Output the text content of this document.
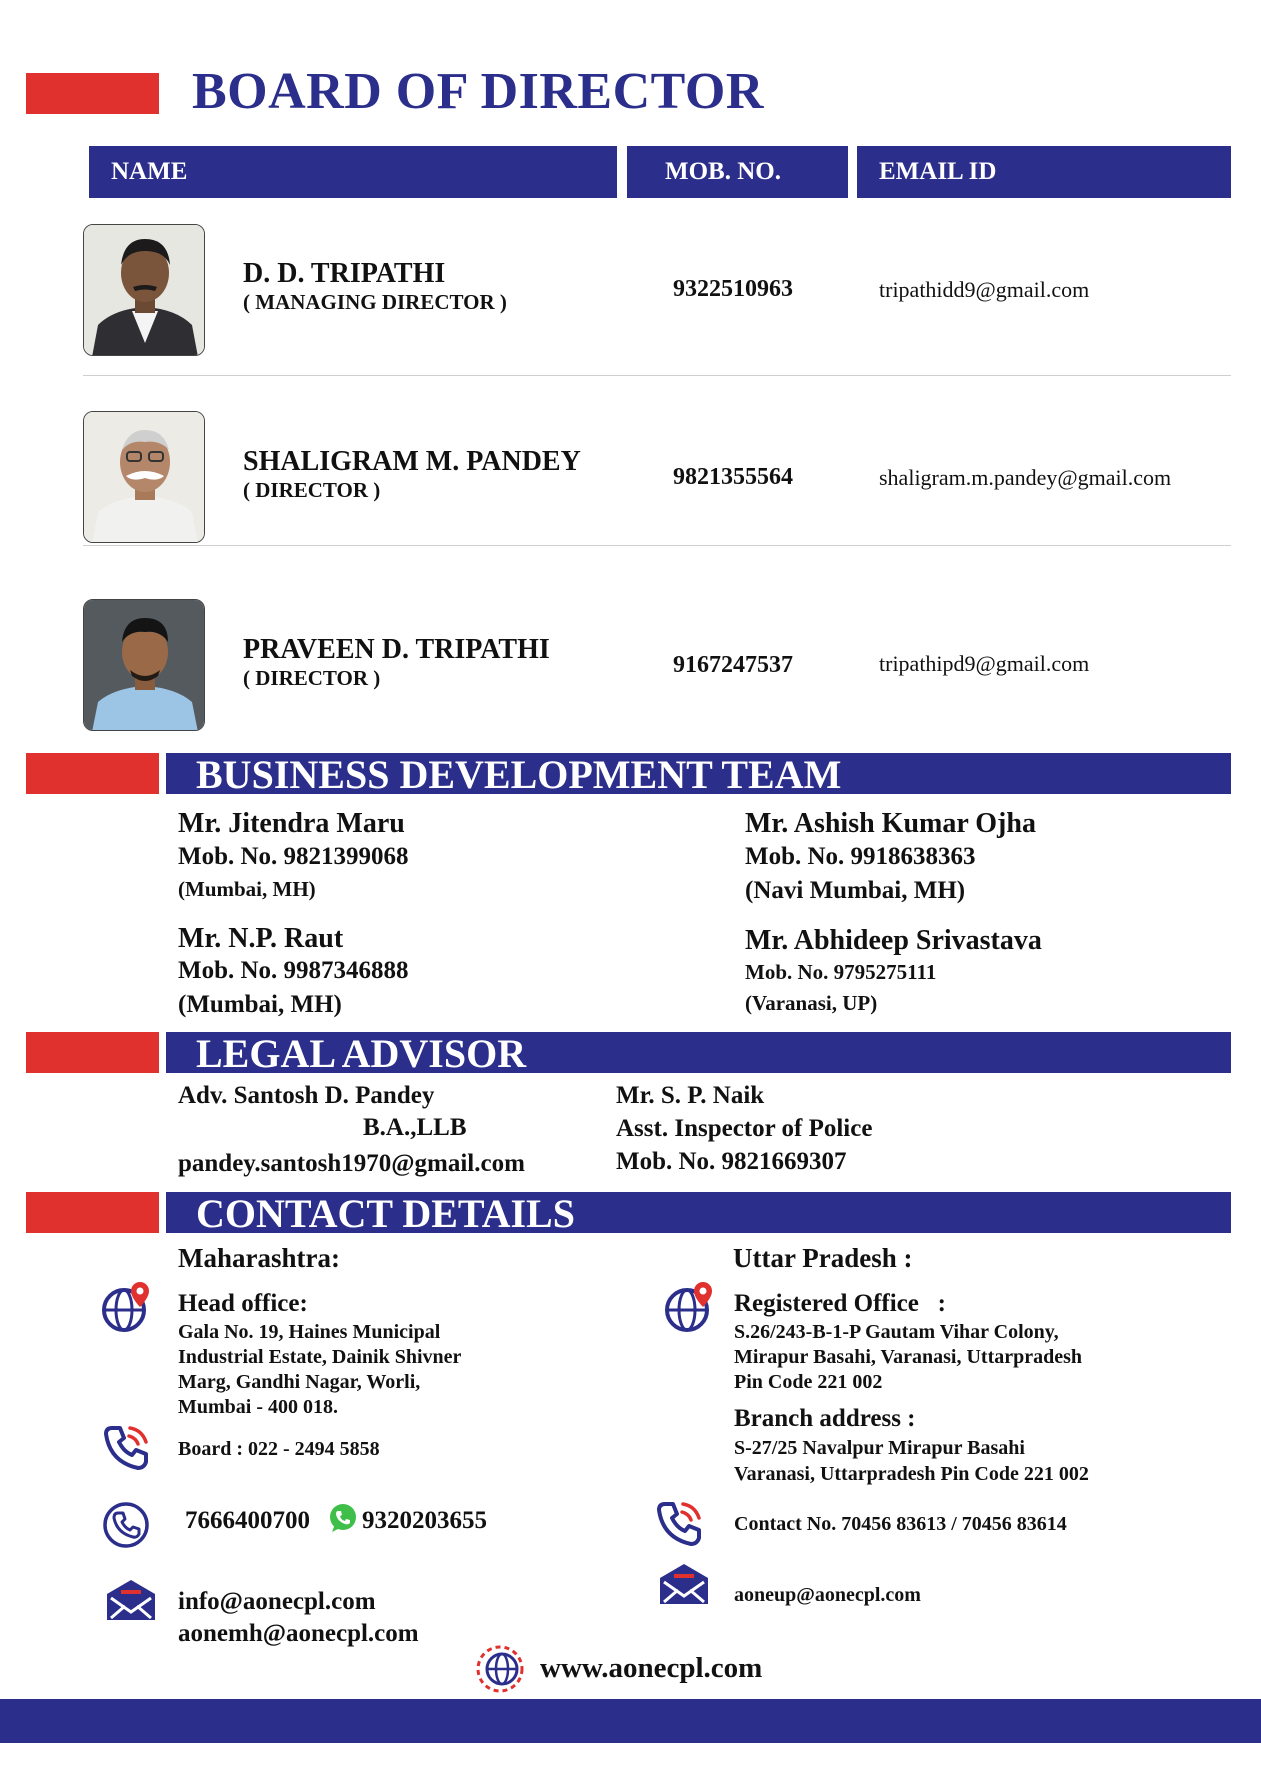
BOARD OF DIRECTOR
NAME	MOB. NO.	EMAIL ID
D. D. TRIPATHI
( MANAGING DIRECTOR )	9322510963	tripathidd9@gmail.com
SHALIGRAM M. PANDEY
( DIRECTOR )	9821355564	shaligram.m.pandey@gmail.com
PRAVEEN D. TRIPATHI
( DIRECTOR )	9167247537	tripathipd9@gmail.com
BUSINESS DEVELOPMENT TEAM
Mr. Jitendra Maru
Mob. No. 9821399068
(Mumbai, MH)
Mr. Ashish Kumar Ojha
Mob. No. 9918638363
(Navi Mumbai, MH)
Mr. N.P. Raut
Mob. No. 9987346888
(Mumbai, MH)
Mr. Abhideep Srivastava
Mob. No. 9795275111
(Varanasi, UP)
LEGAL ADVISOR
Adv. Santosh D. Pandey
B.A.,LLB
pandey.santosh1970@gmail.com
Mr. S. P. Naik
Asst. Inspector of Police
Mob. No. 9821669307
CONTACT DETAILS
Maharashtra:	Uttar Pradesh :
Head office:
Gala No. 19, Haines Municipal
Industrial Estate, Dainik Shivner
Marg, Gandhi Nagar, Worli,
Mumbai - 400 018.
Registered Office   :
S.26/243-B-1-P Gautam Vihar Colony,
Mirapur Basahi, Varanasi, Uttarpradesh
Pin Code 221 002
Branch address :
S-27/25 Navalpur Mirapur Basahi
Varanasi, Uttarpradesh Pin Code 221 002
Board : 022 - 2494 5858
7666400700 9320203655	Contact No. 70456 83613 / 70456 83614
info@aonecpl.com
aonemh@aonecpl.com
aoneup@aonecpl.com
www.aonecpl.com
